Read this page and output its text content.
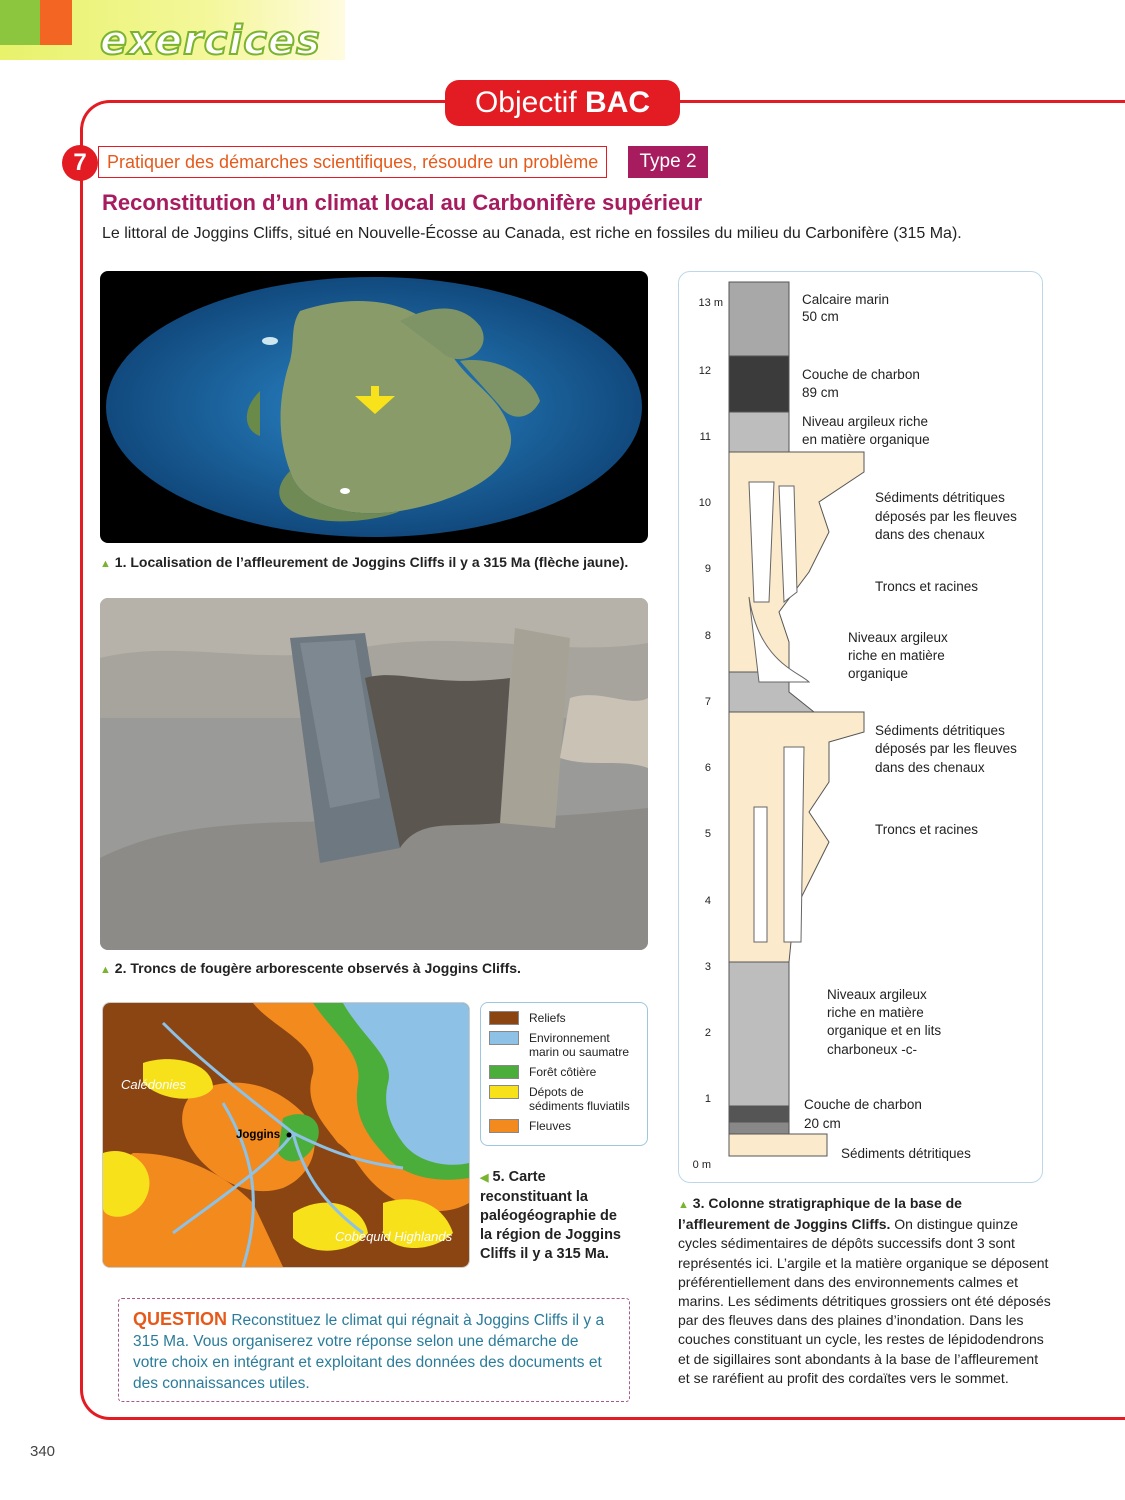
exercices
Objectif BAC
7	Pratiquer des démarches scientifiques, résoudre un problème	Type 2
Reconstitution d’un climat local au Carbonifère supérieur
Le littoral de Joggins Cliffs, situé en Nouvelle-Écosse au Canada, est riche en fossiles du milieu du Carbonifère (315 Ma).
▲ 1. Localisation de l’affleurement de Joggins Cliffs il y a 315 Ma (flèche jaune).
▲ 2. Troncs de fougère arborescente observés à Joggins Cliffs.
Calédonies
Joggins
Cobequid Highlands
Reliefs
Environnement marin ou saumatre
Forêt côtière
Dépots de sédiments fluviatils
Fleuves
◀ 5. Carte reconstituant la paléogéographie de la région de Joggins Cliffs il y a 315 Ma.
QUESTION Reconstituez le climat qui régnait à Joggins Cliffs il y a 315 Ma. Vous organiserez votre réponse selon une démarche de votre choix en intégrant et exploitant des données des documents et des connaissances utiles.
13 m
12
11
10
9
8
7
6
5
4
3
2
1
0 m
Calcaire marin
50 cm
Couche de charbon
89 cm
Niveau argileux riche
en matière organique
Sédiments détritiques
déposés par les fleuves
dans des chenaux
Troncs et racines
Niveaux argileux
riche en matière
organique
Sédiments détritiques
déposés par les fleuves
dans des chenaux
Troncs et racines
Niveaux argileux
riche en matière
organique et en lits
charboneux -c-
Couche de charbon
20 cm
Sédiments détritiques
▲ 3. Colonne stratigraphique de la base de l’affleurement de Joggins Cliffs. On distingue quinze cycles sédimentaires de dépôts successifs dont 3 sont représentés ici. L’argile et la matière organique se déposent préférentiellement dans des environnements calmes et marins. Les sédiments détritiques grossiers ont été déposés par des fleuves dans des plaines d’inondation. Dans les couches constituant un cycle, les restes de lépidodendrons et de sigillaires sont abondants à la base de l’affleurement et se raréfient au profit des cordaïtes vers le sommet.
340
